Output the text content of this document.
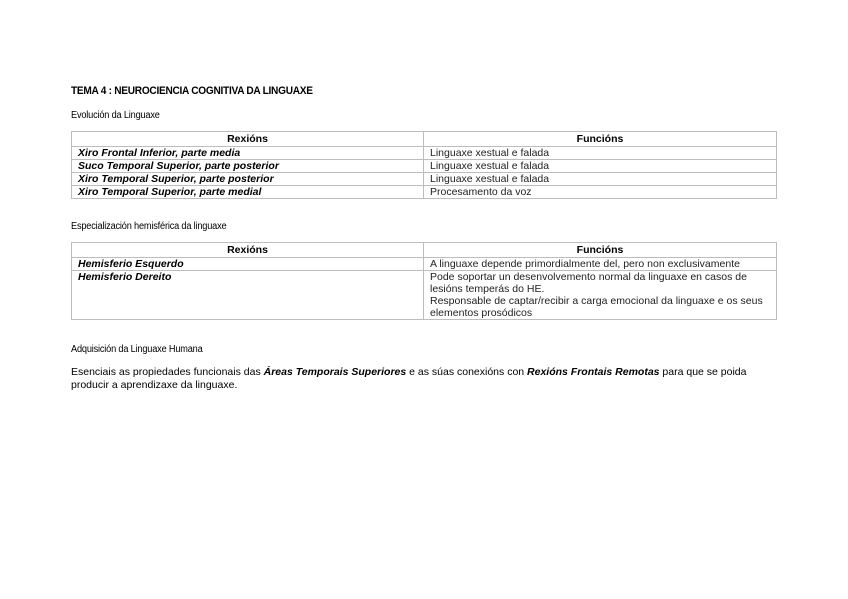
TEMA 4 : NEUROCIENCIA COGNITIVA DA LINGUAXE
Evolución da Linguaxe
Rexións	Funcións
Xiro Frontal Inferior, parte media	Linguaxe xestual e falada
Suco Temporal Superior, parte posterior	Linguaxe xestual e falada
Xiro Temporal Superior, parte posterior	Linguaxe xestual e falada
Xiro Temporal Superior, parte medial	Procesamento da voz
Especialización hemisférica da linguaxe
Rexións	Funcións
Hemisferio Esquerdo	A linguaxe depende primordialmente del, pero non exclusivamente

Hemisferio Dereito	Pode soportar un desenvolvemento normal da linguaxe en casos de lesións temperás do HE.
Responsable de captar/recibir a carga emocional da linguaxe e os seus elementos prosódicos
Adquisición da Linguaxe Humana
Esenciais as propiedades funcionais das Áreas Temporais Superiores e as súas conexións con Rexións Frontais Remotas para que se poida producir a aprendizaxe da linguaxe.
